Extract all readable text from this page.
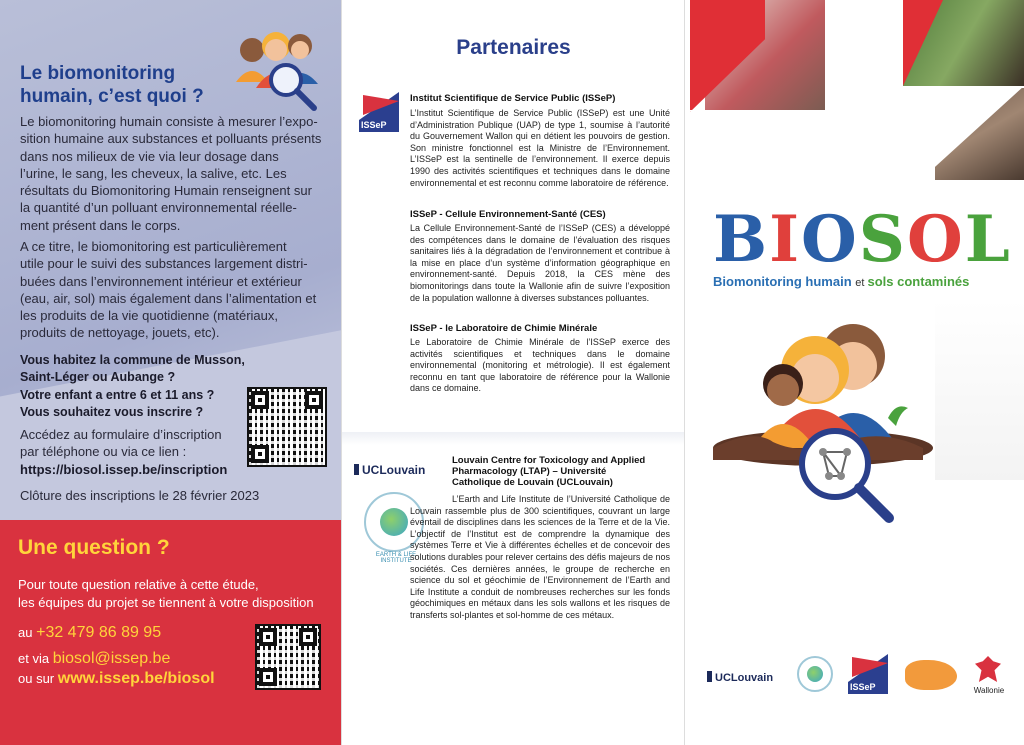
Le biomonitoring humain, c’est quoi ?
Le biomonitoring humain consiste à mesurer l’expo-
sition humaine aux substances et polluants présents
dans nos milieux de vie via leur dosage dans
l’urine, le sang, les cheveux, la salive, etc. Les
résultats du Biomonitoring Humain renseignent sur
la quantité d’un polluant environnemental réelle-
ment présent dans le corps.
A ce titre, le biomonitoring est particulièrement
utile pour le suivi des substances largement distri-
buées dans l’environnement intérieur et extérieur
(eau, air, sol) mais également dans l’alimentation et
les produits de la vie quotidienne (matériaux,
produits de nettoyage, jouets, etc).
Vous habitez la commune de Musson,
Saint-Léger ou Aubange ?
Votre enfant a entre 6 et 11 ans ?
Vous souhaitez vous inscrire ?
Accédez au formulaire d’inscription
par téléphone ou via ce lien :
https://biosol.issep.be/inscription
Clôture des inscriptions le 28 février 2023
Une question ?
Pour toute question relative à cette étude,
les équipes du projet se tiennent à votre disposition
au +32 479 86 89 95
et via biosol@issep.be
ou sur www.issep.be/biosol
Partenaires
ISSeP
Institut Scientifique de Service Public (ISSeP)
L’Institut Scientifique de Service Public (ISSeP) est une Unité d’Administration Publique (UAP) de type 1, soumise à l’autorité du Gouvernement Wallon qui en détient les pouvoirs de gestion. Son ministre fonctionnel est la Ministre de l’Environnement. L’ISSeP est la sentinelle de l’environnement. Il exerce depuis 1990 des activités scientifiques et techniques dans le domaine environnemental et est reconnu comme laboratoire de référence.
ISSeP - Cellule Environnement-Santé (CES)
La Cellule Environnement-Santé de l’ISSeP (CES) a développé des compétences dans le domaine de l’évaluation des risques sanitaires liés à la dégradation de l’environnement et contribue à la mise en place d’un système d’information géographique en environnement-santé. Depuis 2018, la CES mène des biomonitorings dans toute la Wallonie afin de suivre l’exposition de la population wallonne à diverses substances polluantes.
ISSeP - le Laboratoire de Chimie Minérale
Le Laboratoire de Chimie Minérale de l’ISSeP exerce des activités scientifiques et techniques dans le domaine environnemental (monitoring et métrologie). Il est également reconnu en tant que laboratoire de référence pour la Wallonie dans ce domaine.
UCLouvain
EARTH & LIFE INSTITUTE
Louvain Centre for Toxicology and Applied Pharmacology (LTAP) – Université Catholique de Louvain (UCLouvain)
L’Earth and Life Institute de l’Université Catholique de Louvain rassemble plus de 300 scientifiques, couvrant un large éventail de disciplines dans les sciences de la Terre et de la Vie. L’objectif de l’Institut est de comprendre la dynamique des systèmes Terre et Vie à différentes échelles et de concevoir des solutions durables pour relever certains des défis majeurs de nos sociétés. Ces dernières années, le groupe de recherche en science du sol et géochimie de l’Environnement de l’Earth and Life Institute a conduit de nombreuses recherches sur les fonds géochimiques en métaux dans les sols wallons et les risques de transferts sol-plantes et sol-homme de ces métaux.
BIOSOL
Biomonitoring humain et sols contaminés
UCLouvain
ISSeP	Wallonie
